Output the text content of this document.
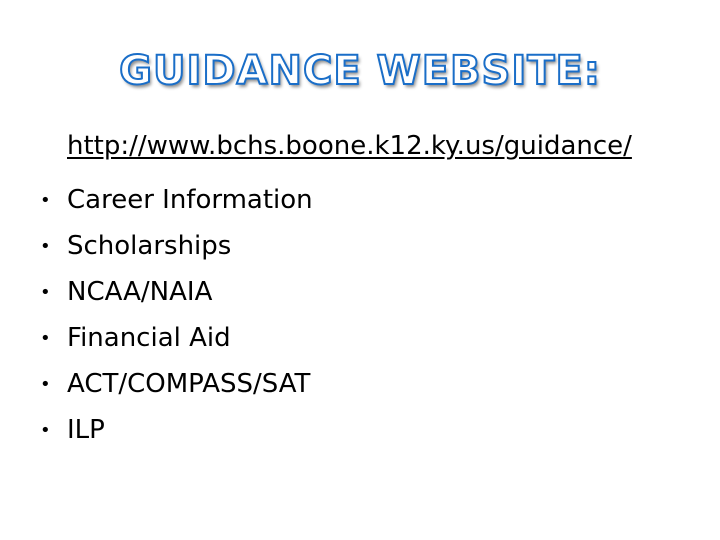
GUIDANCE WEBSITE:
http://www.bchs.boone.k12.ky.us/guidance/
• Career Information
• Scholarships
• NCAA/NAIA
• Financial Aid
• ACT/COMPASS/SAT
• ILP
